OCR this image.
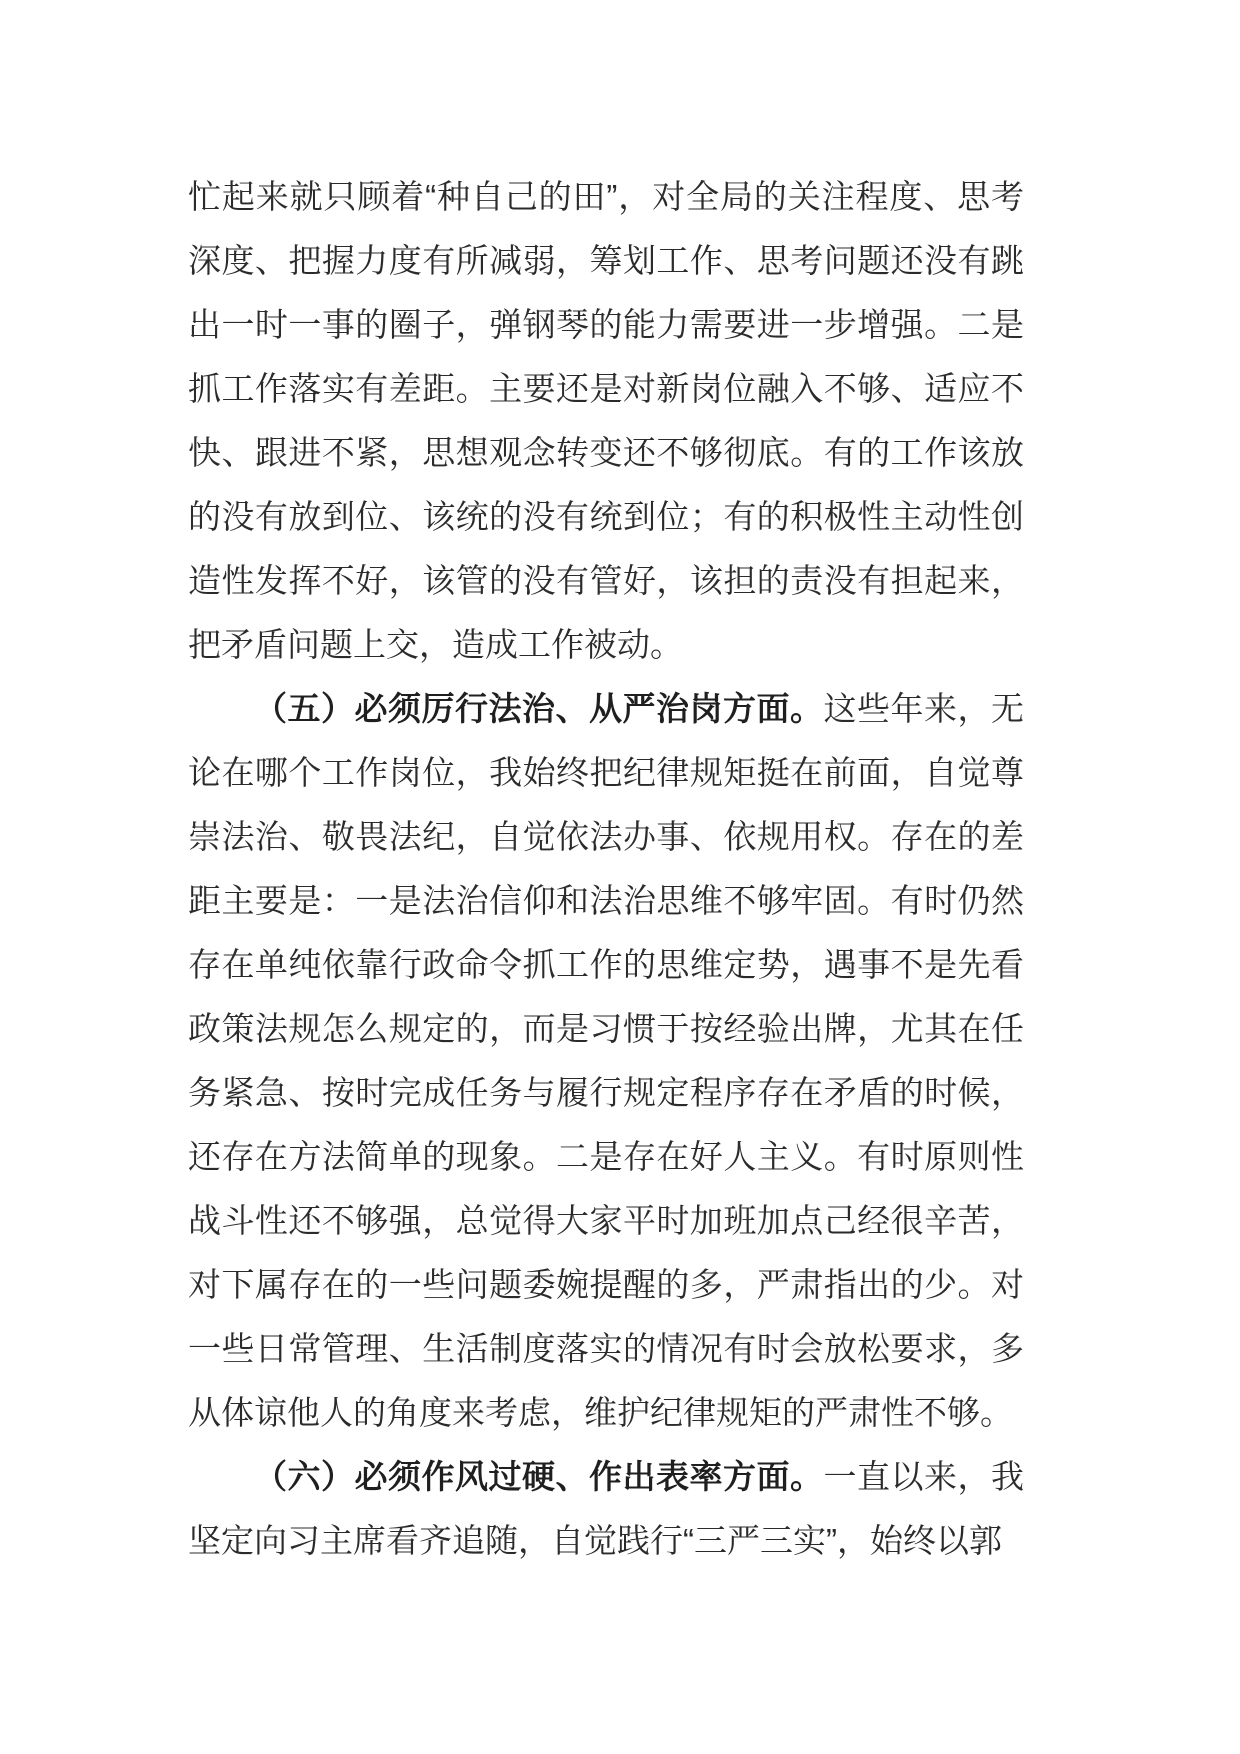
忙起来就只顾着“种自己的田”，对全局的关注程度、思考深度、把握力度有所减弱，筹划工作、思考问题还没有跳出一时一事的圈子，弹钢琴的能力需要进一步增强。二是抓工作落实有差距。主要还是对新岗位融入不够、适应不快、跟进不紧，思想观念转变还不够彻底。有的工作该放的没有放到位、该统的没有统到位；有的积极性主动性创造性发挥不好，该管的没有管好，该担的责没有担起来，把矛盾问题上交，造成工作被动。

（五）必须厉行法治、从严治岗方面。这些年来，无论在哪个工作岗位，我始终把纪律规矩挺在前面，自觉尊崇法治、敬畏法纪，自觉依法办事、依规用权。存在的差距主要是：一是法治信仰和法治思维不够牢固。有时仍然存在单纯依靠行政命令抓工作的思维定势，遇事不是先看政策法规怎么规定的，而是习惯于按经验出牌，尤其在任务紧急、按时完成任务与履行规定程序存在矛盾的时候，还存在方法简单的现象。二是存在好人主义。有时原则性战斗性还不够强，总觉得大家平时加班加点己经很辛苦，对下属存在的一些问题委婉提醒的多，严肃指出的少。对一些日常管理、生活制度落实的情况有时会放松要求，多从体谅他人的角度来考虑，维护纪律规矩的严肃性不够。

（六）必须作风过硬、作出表率方面。一直以来，我坚定向习主席看齐追随，自觉践行“三严三实”，始终以郭
